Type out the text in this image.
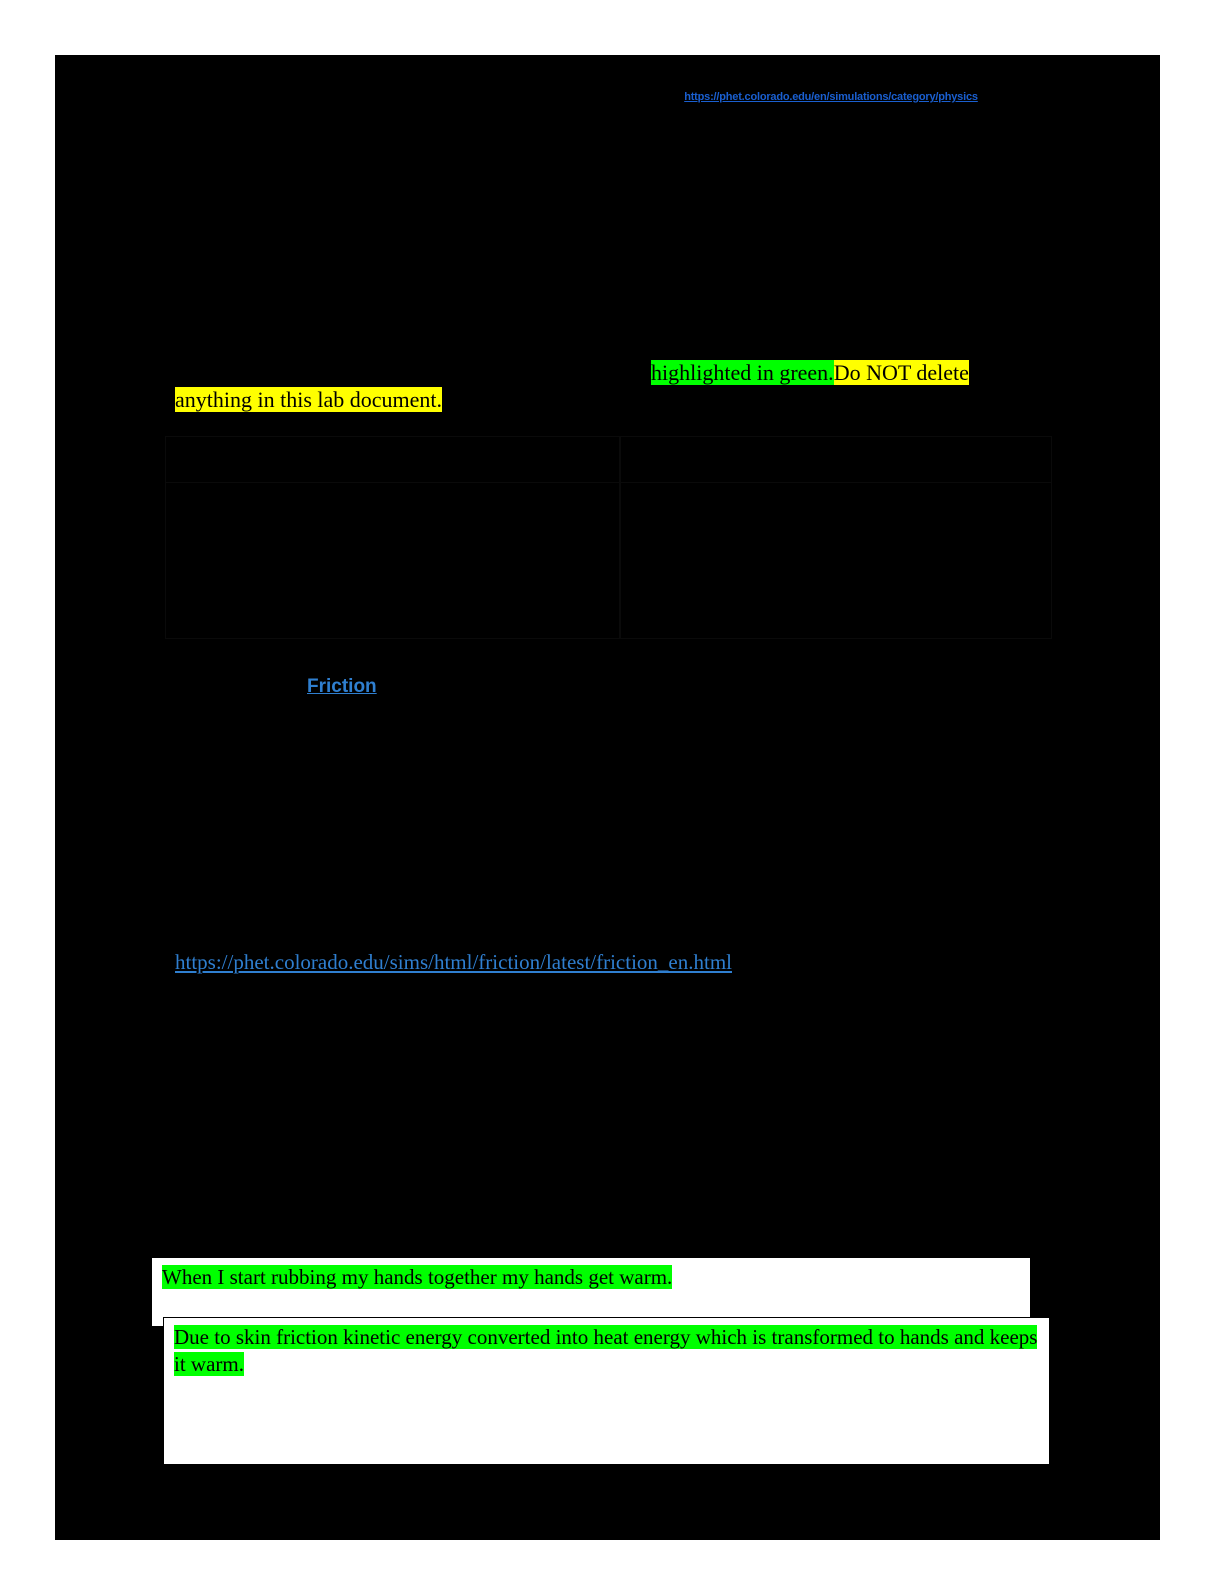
https://phet.colorado.edu/en/simulations/category/physics
highlighted in green.Do NOT delete
anything in this lab document.
Friction
https://phet.colorado.edu/sims/html/friction/latest/friction_en.html
When I start rubbing my hands together my hands get warm.
Due to skin friction kinetic energy converted into heat energy which is transformed to hands and keeps it warm.
